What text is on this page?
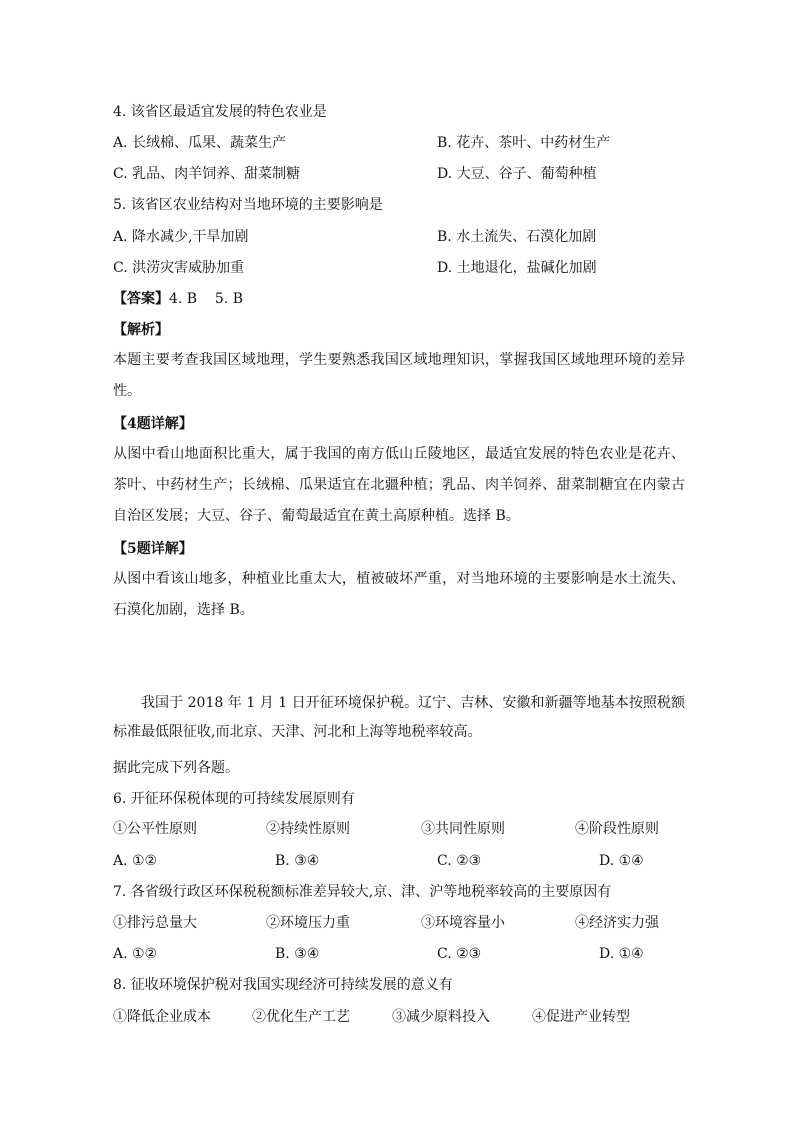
4. 该省区最适宜发展的特色农业是
A. 长绒棉、瓜果、蔬菜生产	B. 花卉、茶叶、中药材生产
C. 乳品、肉羊饲养、甜菜制糖	D. 大豆、谷子、葡萄种植
5. 该省区农业结构对当地环境的主要影响是
A. 降水减少,干旱加剧	B. 水土流失、石漠化加剧
C. 洪涝灾害威胁加重	D. 土地退化，盐碱化加剧
【答案】4. B    5. B
【解析】
本题主要考查我国区域地理，学生要熟悉我国区域地理知识，掌握我国区域地理环境的差异性。
【4题详解】
从图中看山地面积比重大，属于我国的南方低山丘陵地区，最适宜发展的特色农业是花卉、茶叶、中药材生产；长绒棉、瓜果适宜在北疆种植；乳品、肉羊饲养、甜菜制糖宜在内蒙古自治区发展；大豆、谷子、葡萄最适宜在黄土高原种植。选择 B。
【5题详解】
从图中看该山地多，种植业比重太大，植被破坏严重，对当地环境的主要影响是水土流失、石漠化加剧，选择 B。
我国于 2018 年 1 月 1 日开征环境保护税。辽宁、吉林、安徽和新疆等地基本按照税额标准最低限征收,而北京、天津、河北和上海等地税率较高。
据此完成下列各题。
6. 开征环保税体现的可持续发展原则有
①公平性原则	②持续性原则	③共同性原则	④阶段性原则
A. ①②	B. ③④	C. ②③	D. ①④
7. 各省级行政区环保税税额标准差异较大,京、津、沪等地税率较高的主要原因有
①排污总量大	②环境压力重	③环境容量小	④经济实力强
A. ①②	B. ③④	C. ②③	D. ①④
8. 征收环境保护税对我国实现经济可持续发展的意义有
①降低企业成本	②优化生产工艺	③减少原料投入	④促进产业转型
